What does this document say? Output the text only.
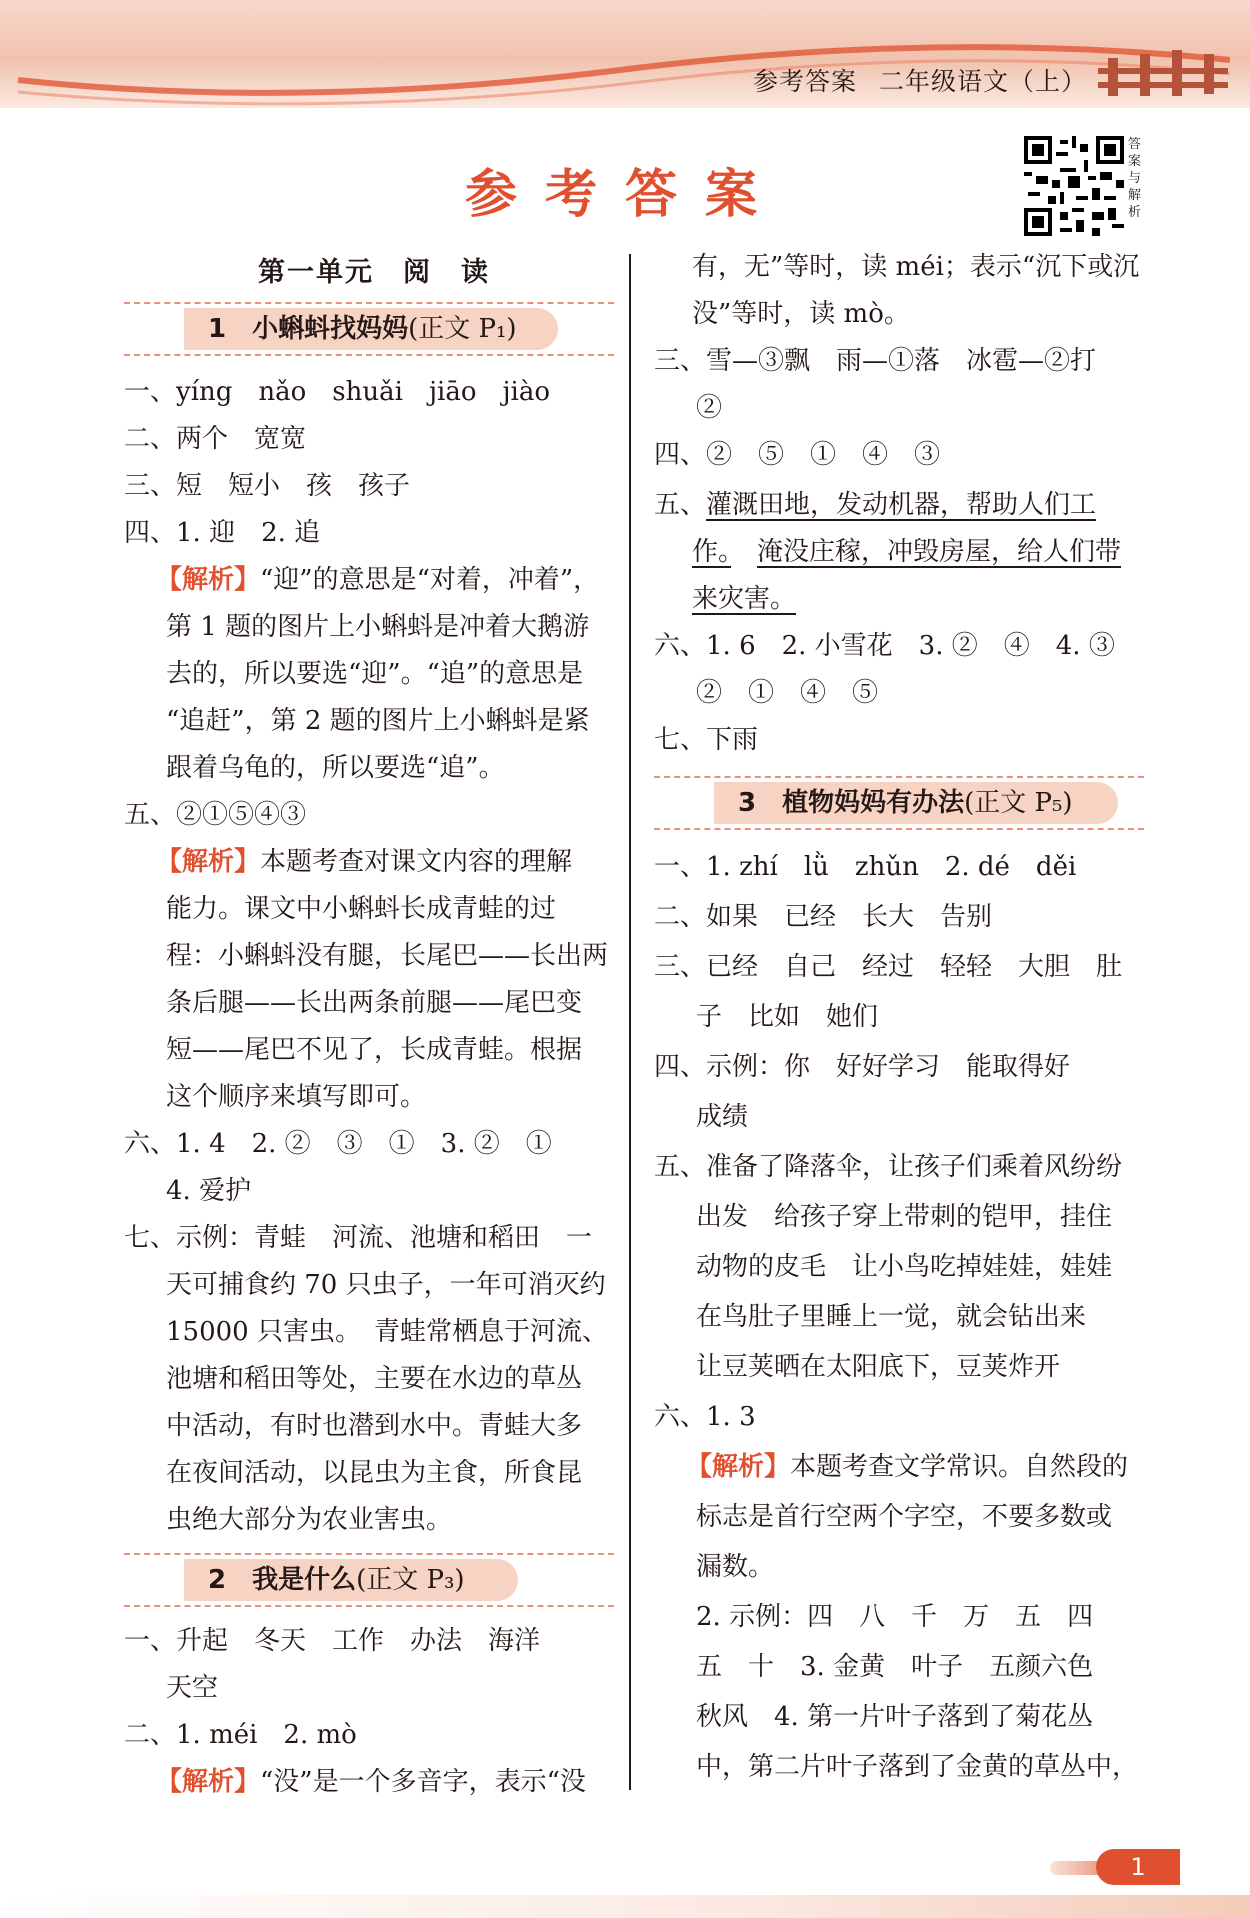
参考答案 二年级语文（上）
参考答案
答
案
与
解
析
第一单元　阅　读
1　小蝌蚪找妈妈(正文 P₁)
一、yíng　nǎo　shuǎi　jiāo　jiào
二、两个　宽宽
三、短　短小　孩　孩子
四、1. 迎　2. 追
【解析】“迎”的意思是“对着，冲着”，
第 1 题的图片上小蝌蚪是冲着大鹅游
去的，所以要选“迎”。“追”的意思是
“追赶”，第 2 题的图片上小蝌蚪是紧
跟着乌龟的，所以要选“追”。
五、②①⑤④③
【解析】本题考查对课文内容的理解
能力。课文中小蝌蚪长成青蛙的过
程：小蝌蚪没有腿，长尾巴——长出两
条后腿——长出两条前腿——尾巴变
短——尾巴不见了，长成青蛙。根据
这个顺序来填写即可。
六、1. 4　2. ②　③　①　3. ②　①
　4. 爱护
七、示例：青蛙　河流、池塘和稻田　一
　天可捕食约 70 只虫子，一年可消灭约
　15000 只害虫。　青蛙常栖息于河流、
　池塘和稻田等处，主要在水边的草丛
　中活动，有时也潜到水中。青蛙大多
　在夜间活动，以昆虫为主食，所食昆
　虫绝大部分为农业害虫。
2　我是什么(正文 P₃)
一、升起　冬天　工作　办法　海洋
　天空
二、1. méi　2. mò
【解析】“没”是一个多音字，表示“没
有，无”等时，读 méi；表示“沉下或沉
没”等时，读 mò。
三、雪—③飘　雨—①落　冰雹—②打
　②
四、②　⑤　①　④　③
五、灌溉田地，发动机器，帮助人们工
作。　 淹没庄稼，冲毁房屋，给人们带
来灾害。
六、1. 6　2. 小雪花　3. ②　④　4. ③
　②　①　④　⑤
七、下雨
3　植物妈妈有办法(正文 P₅)
一、1. zhí　lǜ　zhǔn　2. dé　děi
二、如果　已经　长大　告别
三、已经　自己　经过　轻轻　大胆　肚
　子　比如　她们
四、示例：你　好好学习　能取得好
　成绩
五、准备了降落伞，让孩子们乘着风纷纷
　出发　给孩子穿上带刺的铠甲，挂住
　动物的皮毛　让小鸟吃掉娃娃，娃娃
　在鸟肚子里睡上一觉，就会钻出来
　让豆荚晒在太阳底下，豆荚炸开
六、1. 3
【解析】本题考查文学常识。自然段的
标志是首行空两个字空，不要多数或
漏数。
　2. 示例：四　八　千　万　五　四
　五　十　3. 金黄　叶子　五颜六色
　秋风　4. 第一片叶子落到了菊花丛
　中，第二片叶子落到了金黄的草丛中，
1
